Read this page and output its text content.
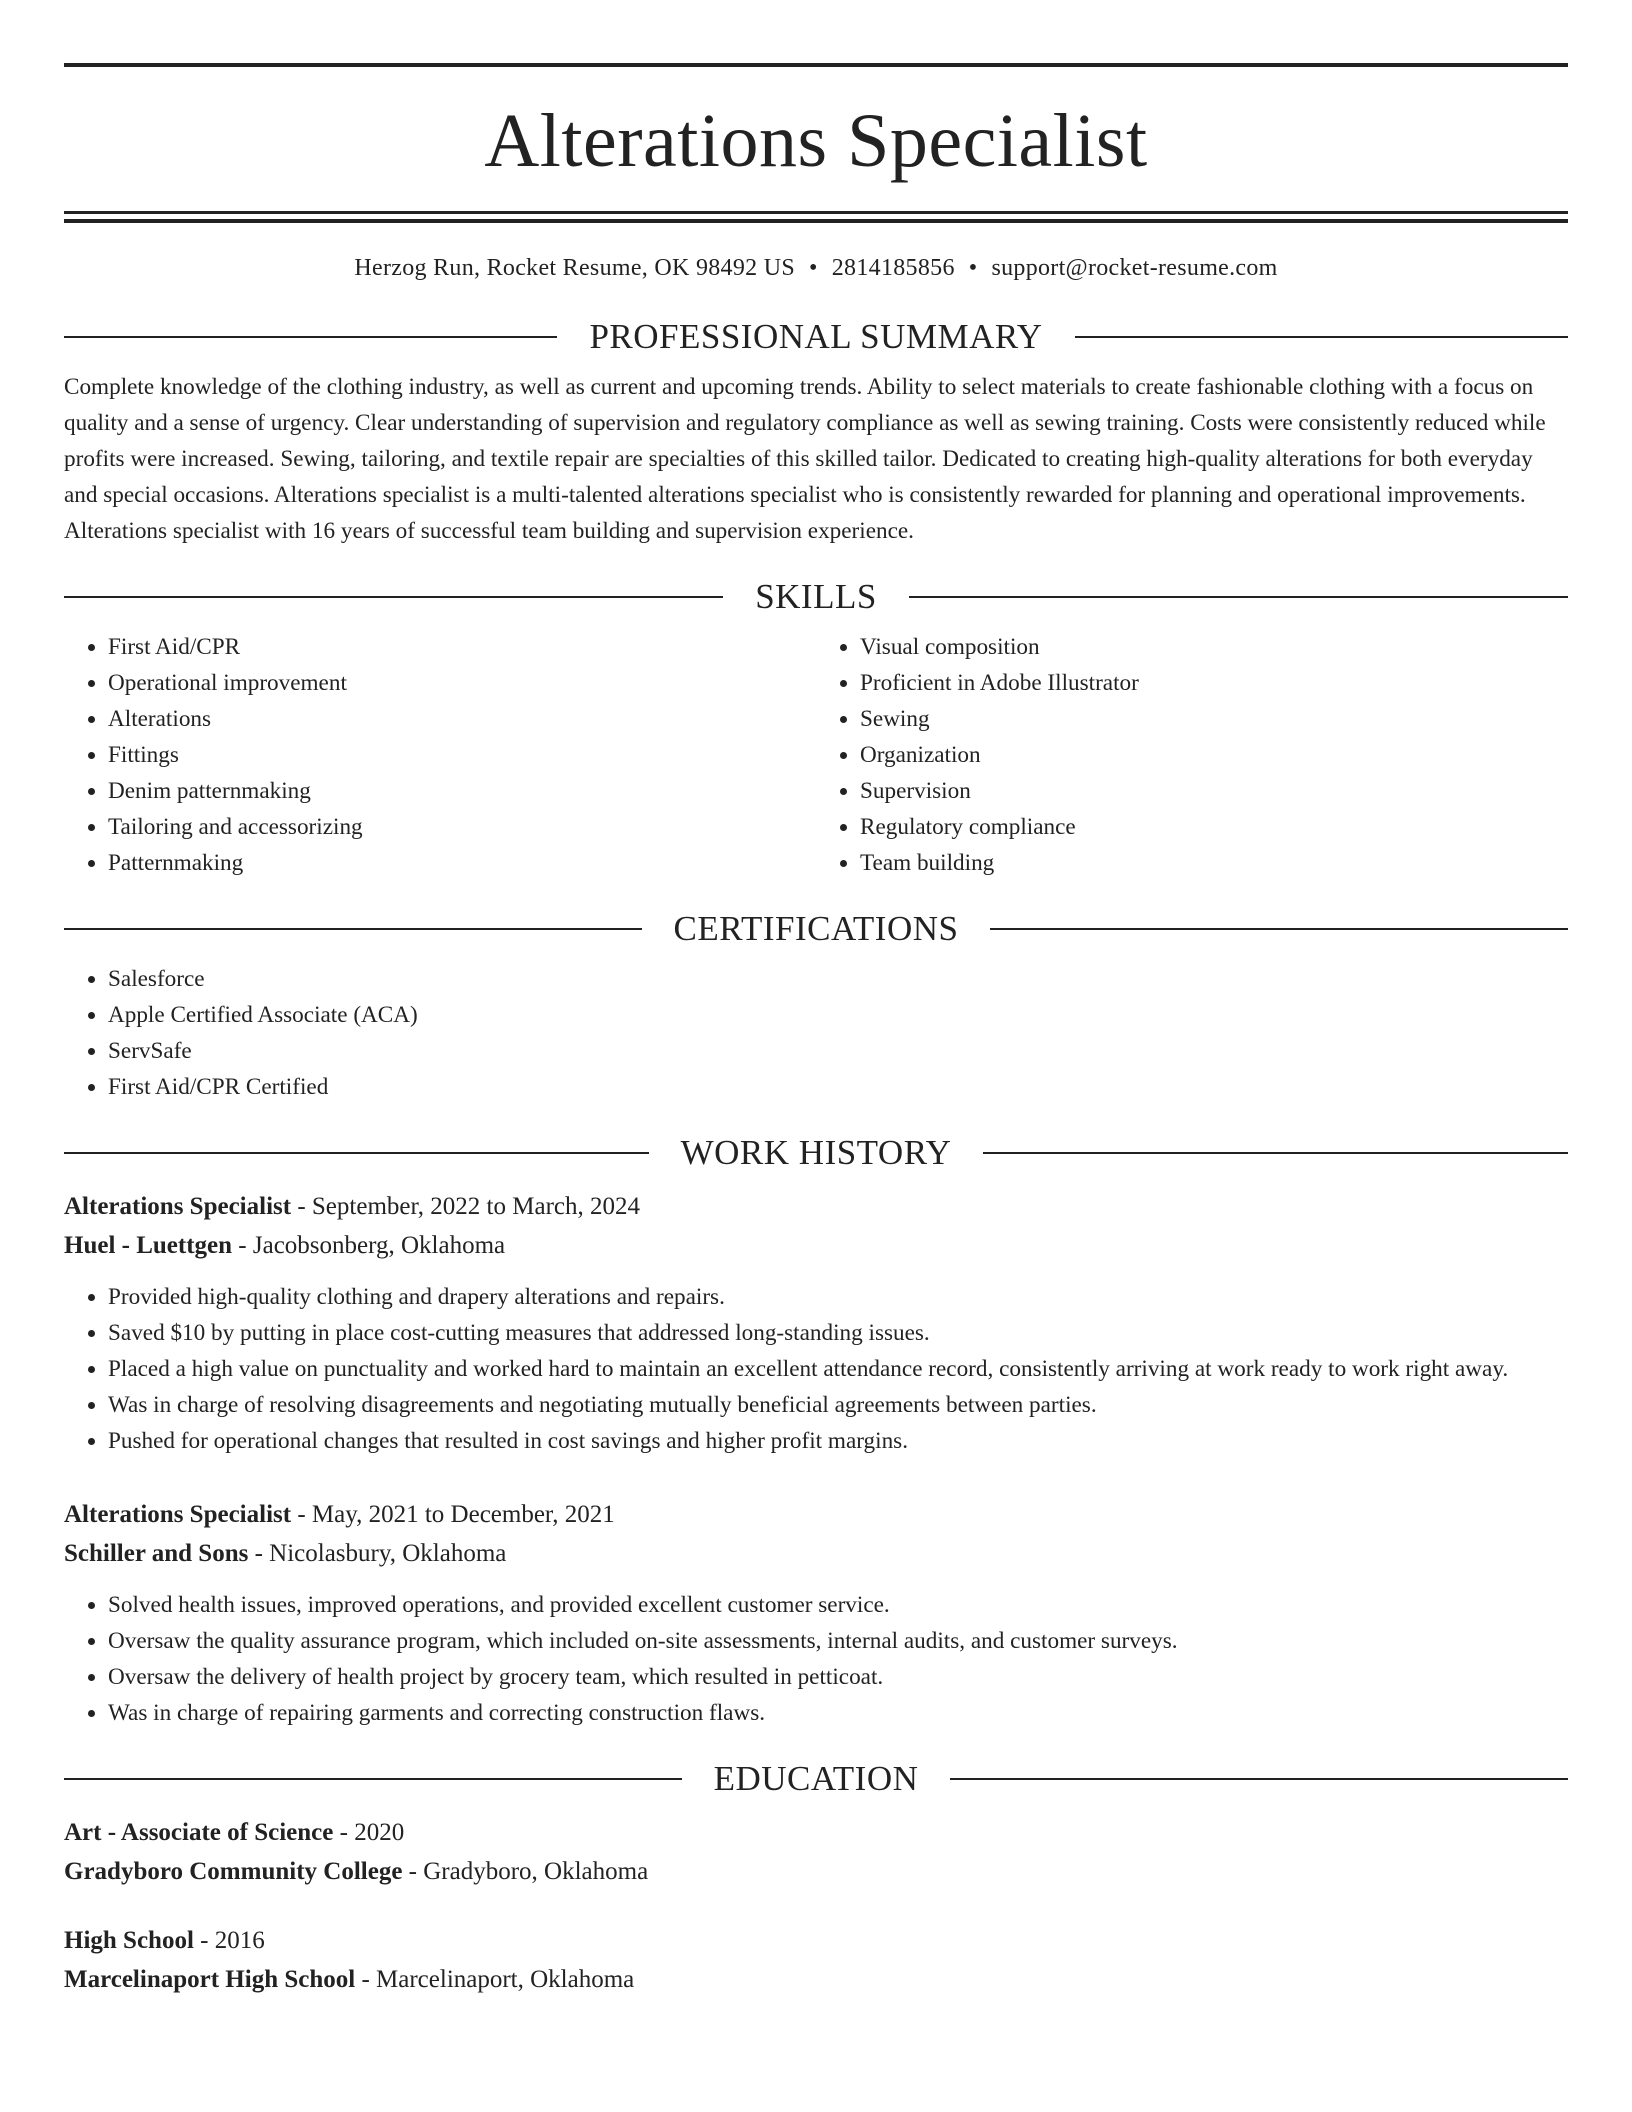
Alterations Specialist
Herzog Run, Rocket Resume, OK 98492 US • 2814185856 • support@rocket-resume.com
PROFESSIONAL SUMMARY
Complete knowledge of the clothing industry, as well as current and upcoming trends. Ability to select materials to create fashionable clothing with a focus on quality and a sense of urgency. Clear understanding of supervision and regulatory compliance as well as sewing training. Costs were consistently reduced while profits were increased. Sewing, tailoring, and textile repair are specialties of this skilled tailor. Dedicated to creating high-quality alterations for both everyday and special occasions. Alterations specialist is a multi-talented alterations specialist who is consistently rewarded for planning and operational improvements. Alterations specialist with 16 years of successful team building and supervision experience.
SKILLS
• First Aid/CPR
• Operational improvement
• Alterations
• Fittings
• Denim patternmaking
• Tailoring and accessorizing
• Patternmaking
• Visual composition
• Proficient in Adobe Illustrator
• Sewing
• Organization
• Supervision
• Regulatory compliance
• Team building
CERTIFICATIONS
• Salesforce
• Apple Certified Associate (ACA)
• ServSafe
• First Aid/CPR Certified
WORK HISTORY
Alterations Specialist - September, 2022 to March, 2024
Huel - Luettgen - Jacobsonberg, Oklahoma
• Provided high-quality clothing and drapery alterations and repairs.
• Saved $10 by putting in place cost-cutting measures that addressed long-standing issues.
• Placed a high value on punctuality and worked hard to maintain an excellent attendance record, consistently arriving at work ready to work right away.
• Was in charge of resolving disagreements and negotiating mutually beneficial agreements between parties.
• Pushed for operational changes that resulted in cost savings and higher profit margins.
Alterations Specialist - May, 2021 to December, 2021
Schiller and Sons - Nicolasbury, Oklahoma
• Solved health issues, improved operations, and provided excellent customer service.
• Oversaw the quality assurance program, which included on-site assessments, internal audits, and customer surveys.
• Oversaw the delivery of health project by grocery team, which resulted in petticoat.
• Was in charge of repairing garments and correcting construction flaws.
EDUCATION
Art - Associate of Science - 2020
Gradyboro Community College - Gradyboro, Oklahoma
High School - 2016
Marcelinaport High School - Marcelinaport, Oklahoma
